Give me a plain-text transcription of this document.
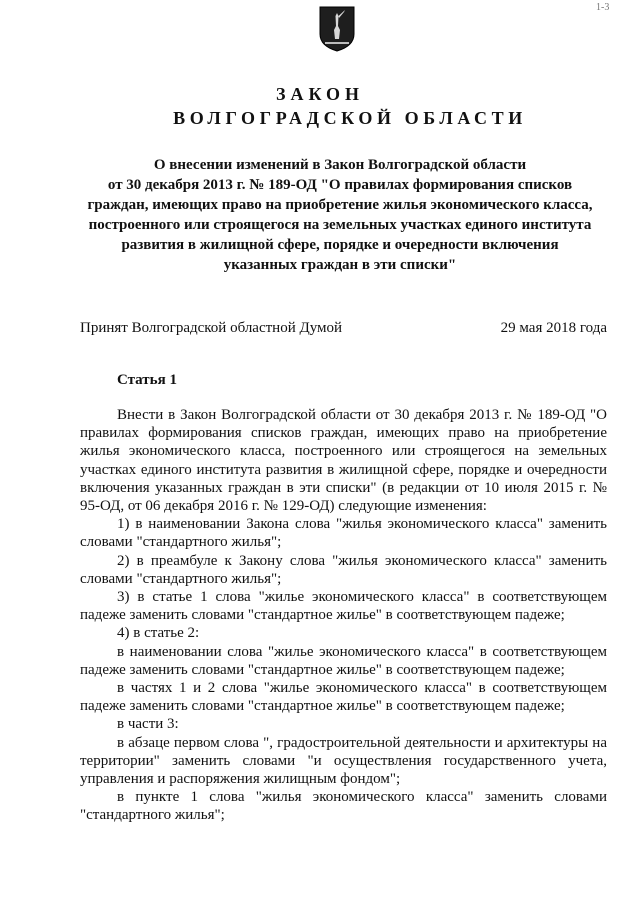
1-3
ЗАКОН
ВОЛГОГРАДСКОЙ ОБЛАСТИ
О внесении изменений в Закон Волгоградской области
от 30 декабря 2013 г. № 189-ОД "О правилах формирования списков
граждан, имеющих право на приобретение жилья экономического класса,
построенного или строящегося на земельных участках единого института
развития в жилищной сфере, порядке и очередности включения
указанных граждан в эти списки"
Принят Волгоградской областной Думой	29 мая 2018 года
Статья 1

Внести в Закон Волгоградской области от 30 декабря 2013 г. № 189-ОД "О правилах формирования списков граждан, имеющих право на приобретение жилья экономического класса, построенного или строящегося на земельных участках единого института развития в жилищной сфере, порядке и очередности включения указанных граждан в эти списки" (в редакции от 10 июля 2015 г. № 95-ОД, от 06 декабря 2016 г. № 129-ОД) следующие изменения:

1) в наименовании Закона слова "жилья экономического класса" заменить словами "стандартного жилья";

2) в преамбуле к Закону слова "жилья экономического класса" заменить словами "стандартного жилья";

3) в статье 1 слова "жилье экономического класса" в соответствующем падеже заменить словами "стандартное жилье" в соответствующем падеже;

4) в статье 2:

в наименовании слова "жилье экономического класса" в соответствующем падеже заменить словами "стандартное жилье" в соответствующем падеже;

в частях 1 и 2 слова "жилье экономического класса" в соответствующем падеже заменить словами "стандартное жилье" в соответствующем падеже;

в части 3:

в абзаце первом слова ", градостроительной деятельности и архитектуры на территории" заменить словами "и осуществления государственного учета, управления и распоряжения жилищным фондом";

в пункте 1 слова "жилья экономического класса" заменить словами "стандартного жилья";
